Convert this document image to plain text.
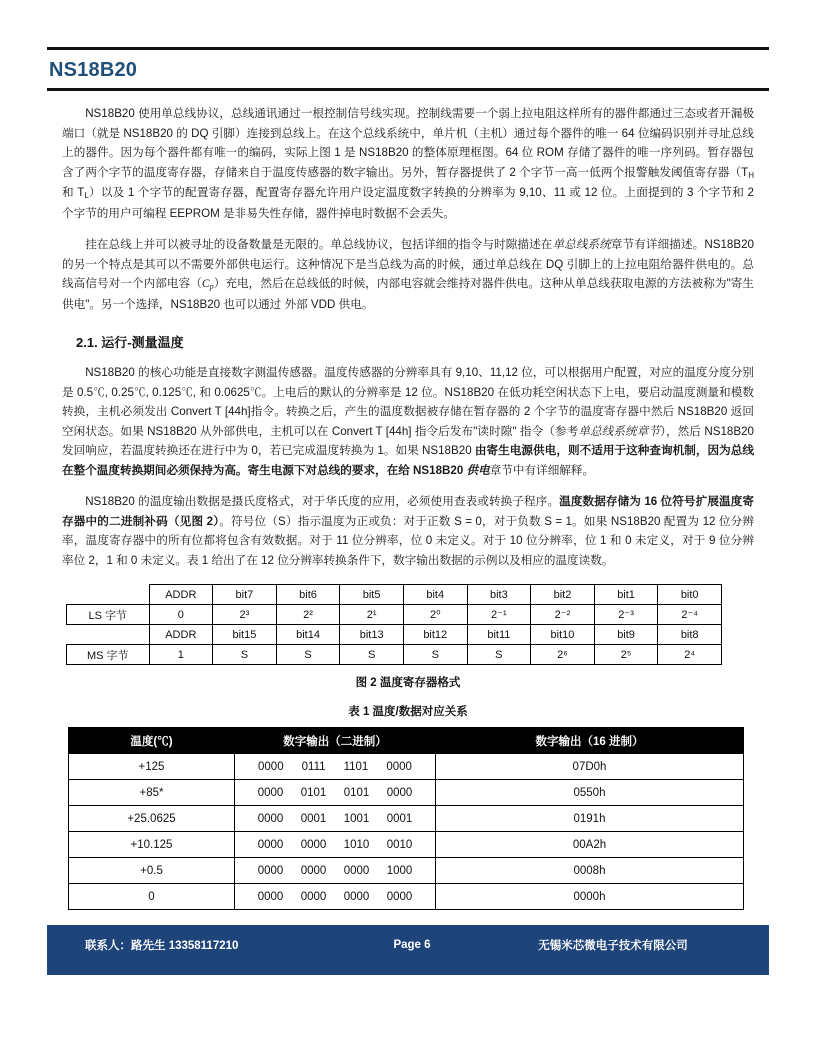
NS18B20

NS18B20 使用单总线协议，总线通讯通过一根控制信号线实现。控制线需要一个弱上拉电阻这样所有的器件都通过三态或者开漏极端口（就是 NS18B20 的 DQ 引脚）连接到总线上。在这个总线系统中，单片机（主机）通过每个器件的唯一 64 位编码识别并寻址总线上的器件。因为每个器件都有唯一的编码，实际上图 1 是 NS18B20 的整体原理框图。64 位 ROM 存储了器件的唯一序列码。暂存器包含了两个字节的温度寄存器，存储来自于温度传感器的数字输出。另外，暂存器提供了 2 个字节一高一低两个报警触发阈值寄存器（TH 和 TL）以及 1 个字节的配置寄存器，配置寄存器允许用户设定温度数字转换的分辨率为 9,10、11 或 12 位。上面提到的 3 个字节和 2 个字节的用户可编程 EEPROM 是非易失性存储，器件掉电时数据不会丢失。

挂在总线上并可以被寻址的设备数量是无限的。单总线协议，包括详细的指令与时隙描述在单总线系统章节有详细描述。NS18B20 的另一个特点是其可以不需要外部供电运行。这种情况下是当总线为高的时候，通过单总线在 DQ 引脚上的上拉电阻给器件供电的。总线高信号对一个内部电容（Cp）充电，然后在总线低的时候，内部电容就会维持对器件供电。这种从单总线获取电源的方法被称为"寄生供电"。另一个选择，NS18B20 也可以通过 外部 VDD 供电。

2.1. 运行-测量温度

NS18B20 的核心功能是直接数字测温传感器。温度传感器的分辨率具有 9,10、11,12 位，可以根据用户配置，对应的温度分度分别是 0.5℃, 0.25℃, 0.125℃, 和 0.0625℃。上电后的默认的分辨率是 12 位。NS18B20 在低功耗空闲状态下上电，要启动温度测量和模数转换，主机必须发出 Convert T [44h]指令。转换之后，产生的温度数据被存储在暂存器的 2 个字节的温度寄存器中然后 NS18B20 返回空闲状态。如果 NS18B20 从外部供电，主机可以在 Convert T [44h] 指令后发布"读时隙" 指令（参考单总线系统章节），然后 NS18B20 发回响应，若温度转换还在进行中为 0，若已完成温度转换为 1。如果 NS18B20 由寄生电源供电，则不适用于这种查询机制，因为总线在整个温度转换期间必须保持为高。寄生电源下对总线的要求，在给 NS18B20 供电章节中有详细解释。

NS18B20 的温度输出数据是摄氏度格式，对于华氏度的应用，必须使用查表或转换子程序。温度数据存储为 16 位符号扩展温度寄存器中的二进制补码（见图 2）。符号位（S）指示温度为正或负：对于正数 S = 0，对于负数 S = 1。如果 NS18B20 配置为 12 位分辨率，温度寄存器中的所有位都将包含有效数据。对于 11 位分辨率，位 0 未定义。对于 10 位分辨率，位 1 和 0 未定义，对于 9 位分辨率位 2，1 和 0 未定义。表 1 给出了在 12 位分辨率转换条件下，数字输出数据的示例以及相应的温度读数。

	ADDR	bit7	bit6	bit5	bit4	bit3	bit2	bit1	bit0
LS 字节	0	2³	2²	2¹	2⁰	2⁻¹	2⁻²	2⁻³	2⁻⁴
	ADDR	bit15	bit14	bit13	bit12	bit11	bit10	bit9	bit8
MS 字节	1	S	S	S	S	S	2⁶	2⁵	2⁴
图 2 温度寄存器格式
表 1 温度/数据对应关系
温度(℃)	数字输出（二进制）	数字输出（16 进制）
+125	0000 0111 1101 0000	07D0h
+85*	0000 0101 0101 0000	0550h
+25.0625	0000 0001 1001 0001	0191h
+10.125	0000 0000 1010 0010	00A2h
+0.5	0000 0000 0000 1000	0008h
0	0000 0000 0000 0000	0000h
联系人：路先生 13358117210	Page 6	无锡米芯微电子技术有限公司
